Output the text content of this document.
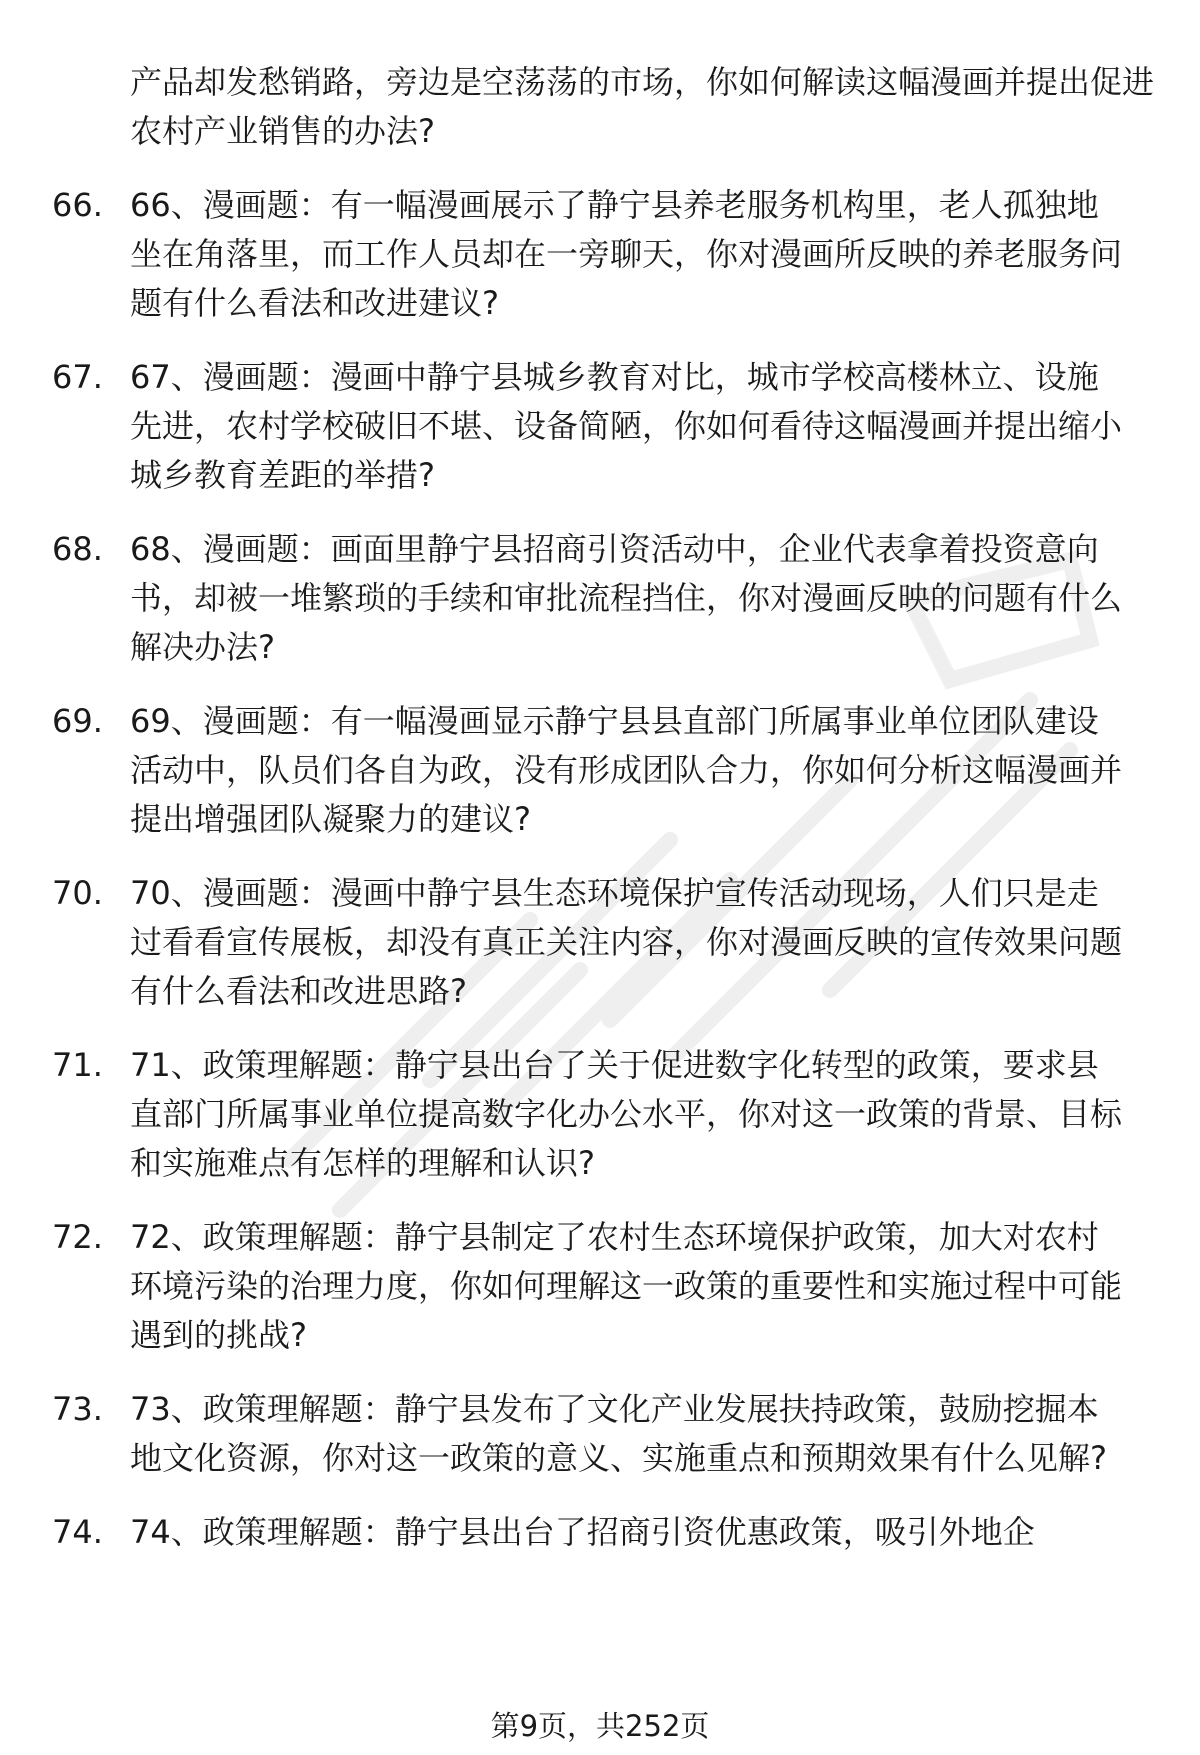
产品却发愁销路，旁边是空荡荡的市场，你如何解读这幅漫画并提出促进农村产业销售的办法?
66. 66、漫画题：有一幅漫画展示了静宁县养老服务机构里，老人孤独地坐在角落里，而工作人员却在一旁聊天，你对漫画所反映的养老服务问题有什么看法和改进建议?
67. 67、漫画题：漫画中静宁县城乡教育对比，城市学校高楼林立、设施先进，农村学校破旧不堪、设备简陋，你如何看待这幅漫画并提出缩小城乡教育差距的举措?
68. 68、漫画题：画面里静宁县招商引资活动中，企业代表拿着投资意向书，却被一堆繁琐的手续和审批流程挡住，你对漫画反映的问题有什么解决办法?
69. 69、漫画题：有一幅漫画显示静宁县县直部门所属事业单位团队建设活动中，队员们各自为政，没有形成团队合力，你如何分析这幅漫画并提出增强团队凝聚力的建议?
70. 70、漫画题：漫画中静宁县生态环境保护宣传活动现场，人们只是走过看看宣传展板，却没有真正关注内容，你对漫画反映的宣传效果问题有什么看法和改进思路?
71. 71、政策理解题：静宁县出台了关于促进数字化转型的政策，要求县直部门所属事业单位提高数字化办公水平，你对这一政策的背景、目标和实施难点有怎样的理解和认识?
72. 72、政策理解题：静宁县制定了农村生态环境保护政策，加大对农村环境污染的治理力度，你如何理解这一政策的重要性和实施过程中可能遇到的挑战?
73. 73、政策理解题：静宁县发布了文化产业发展扶持政策，鼓励挖掘本地文化资源，你对这一政策的意义、实施重点和预期效果有什么见解?
74. 74、政策理解题：静宁县出台了招商引资优惠政策，吸引外地企
第9页，共252页
